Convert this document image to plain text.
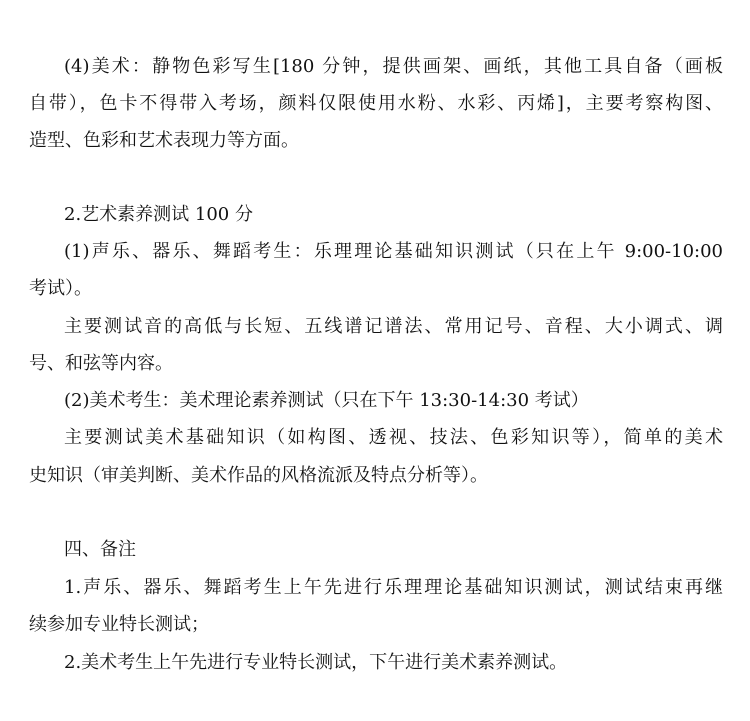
(4)美术：静物色彩写生[180 分钟，提供画架、画纸，其他工具自备（画板
自带），色卡不得带入考场，颜料仅限使用水粉、水彩、丙烯]，主要考察构图、
造型、色彩和艺术表现力等方面。
2.艺术素养测试 100 分
(1)声乐、器乐、舞蹈考生：乐理理论基础知识测试（只在上午 9:00-10:00
考试）。
主要测试音的高低与长短、五线谱记谱法、常用记号、音程、大小调式、调
号、和弦等内容。
(2)美术考生：美术理论素养测试（只在下午 13:30-14:30 考试）
主要测试美术基础知识（如构图、透视、技法、色彩知识等），简单的美术
史知识（审美判断、美术作品的风格流派及特点分析等）。
四、备注
1.声乐、器乐、舞蹈考生上午先进行乐理理论基础知识测试，测试结束再继
续参加专业特长测试；
2.美术考生上午先进行专业特长测试，下午进行美术素养测试。
